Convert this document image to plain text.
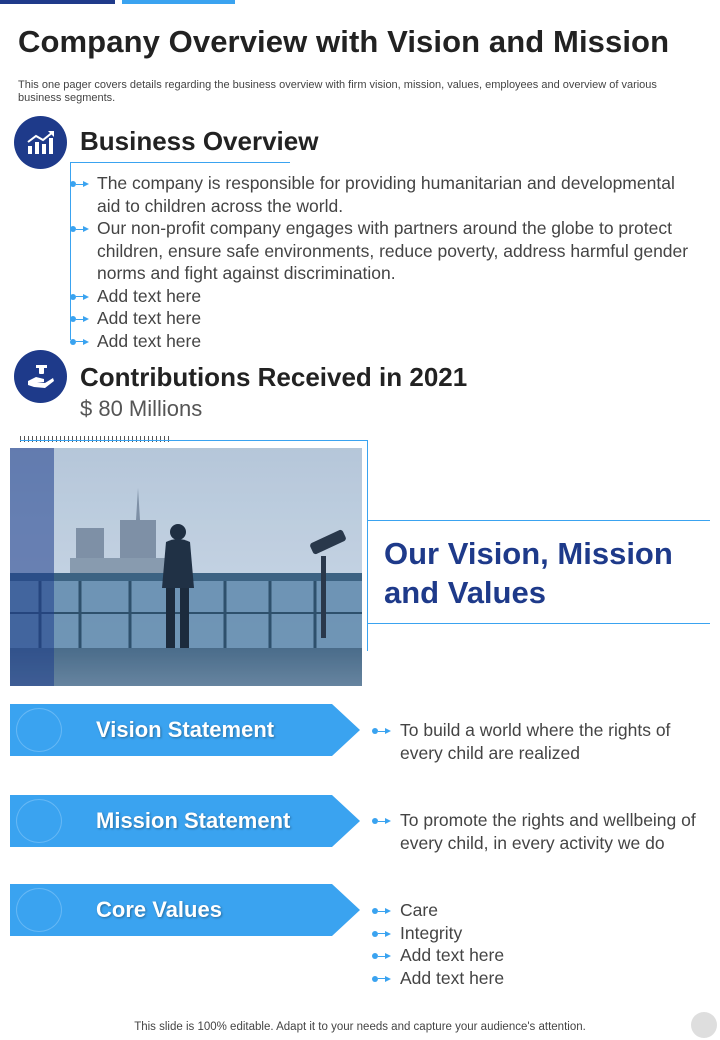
Company Overview with Vision and Mission

This one pager covers details regarding the business overview with firm vision, mission, values, employees and overview of various business segments.

Business Overview
The company is responsible for providing humanitarian and developmental aid to children across the world.
Our non-profit company engages with partners around the globe to protect children, ensure safe environments, reduce poverty, address harmful gender norms and fight against discrimination.
Add text here
Add text here
Add text here
Contributions Received in 2021
$ 80 Millions
Our Vision, Mission and Values
Vision Statement	To build a world where the rights of every child are realized
Mission Statement	To promote the rights and wellbeing of every child, in every activity we do
Core Values	Care
Integrity
Add text here
Add text here
This slide is 100% editable. Adapt it to your needs and capture your audience's attention.
